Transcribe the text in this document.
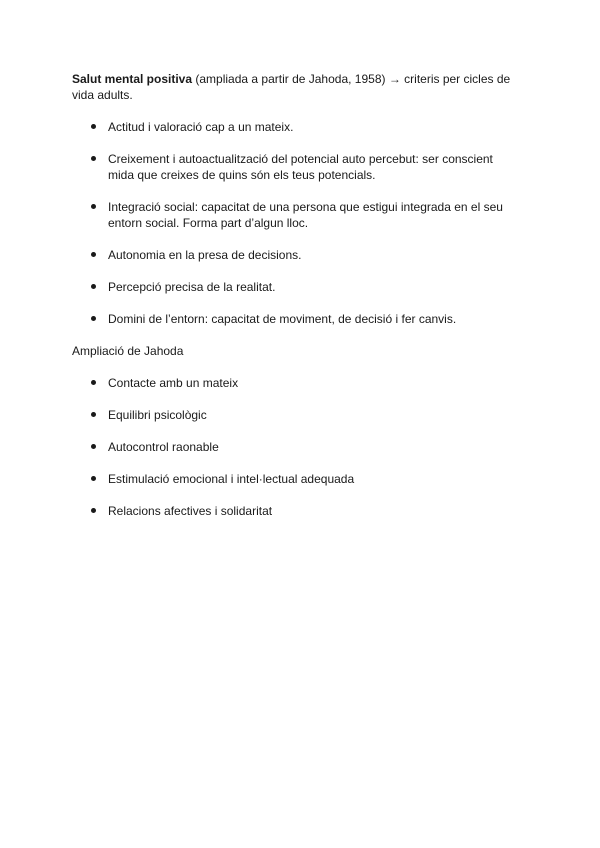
Salut mental positiva (ampliada a partir de Jahoda, 1958) → criteris per cicles de vida adults.

Actitud i valoració cap a un mateix.
Creixement i autoactualització del potencial auto percebut: ser conscient mida que creixes de quins són els teus potencials.
Integració social: capacitat de una persona que estigui integrada en el seu entorn social. Forma part d’algun lloc.
Autonomia en la presa de decisions.
Percepció precisa de la realitat.
Domini de l’entorn: capacitat de moviment, de decisió i fer canvis.

Ampliació de Jahoda

Contacte amb un mateix
Equilibri psicològic
Autocontrol raonable
Estimulació emocional i intel·lectual adequada
Relacions afectives i solidaritat
